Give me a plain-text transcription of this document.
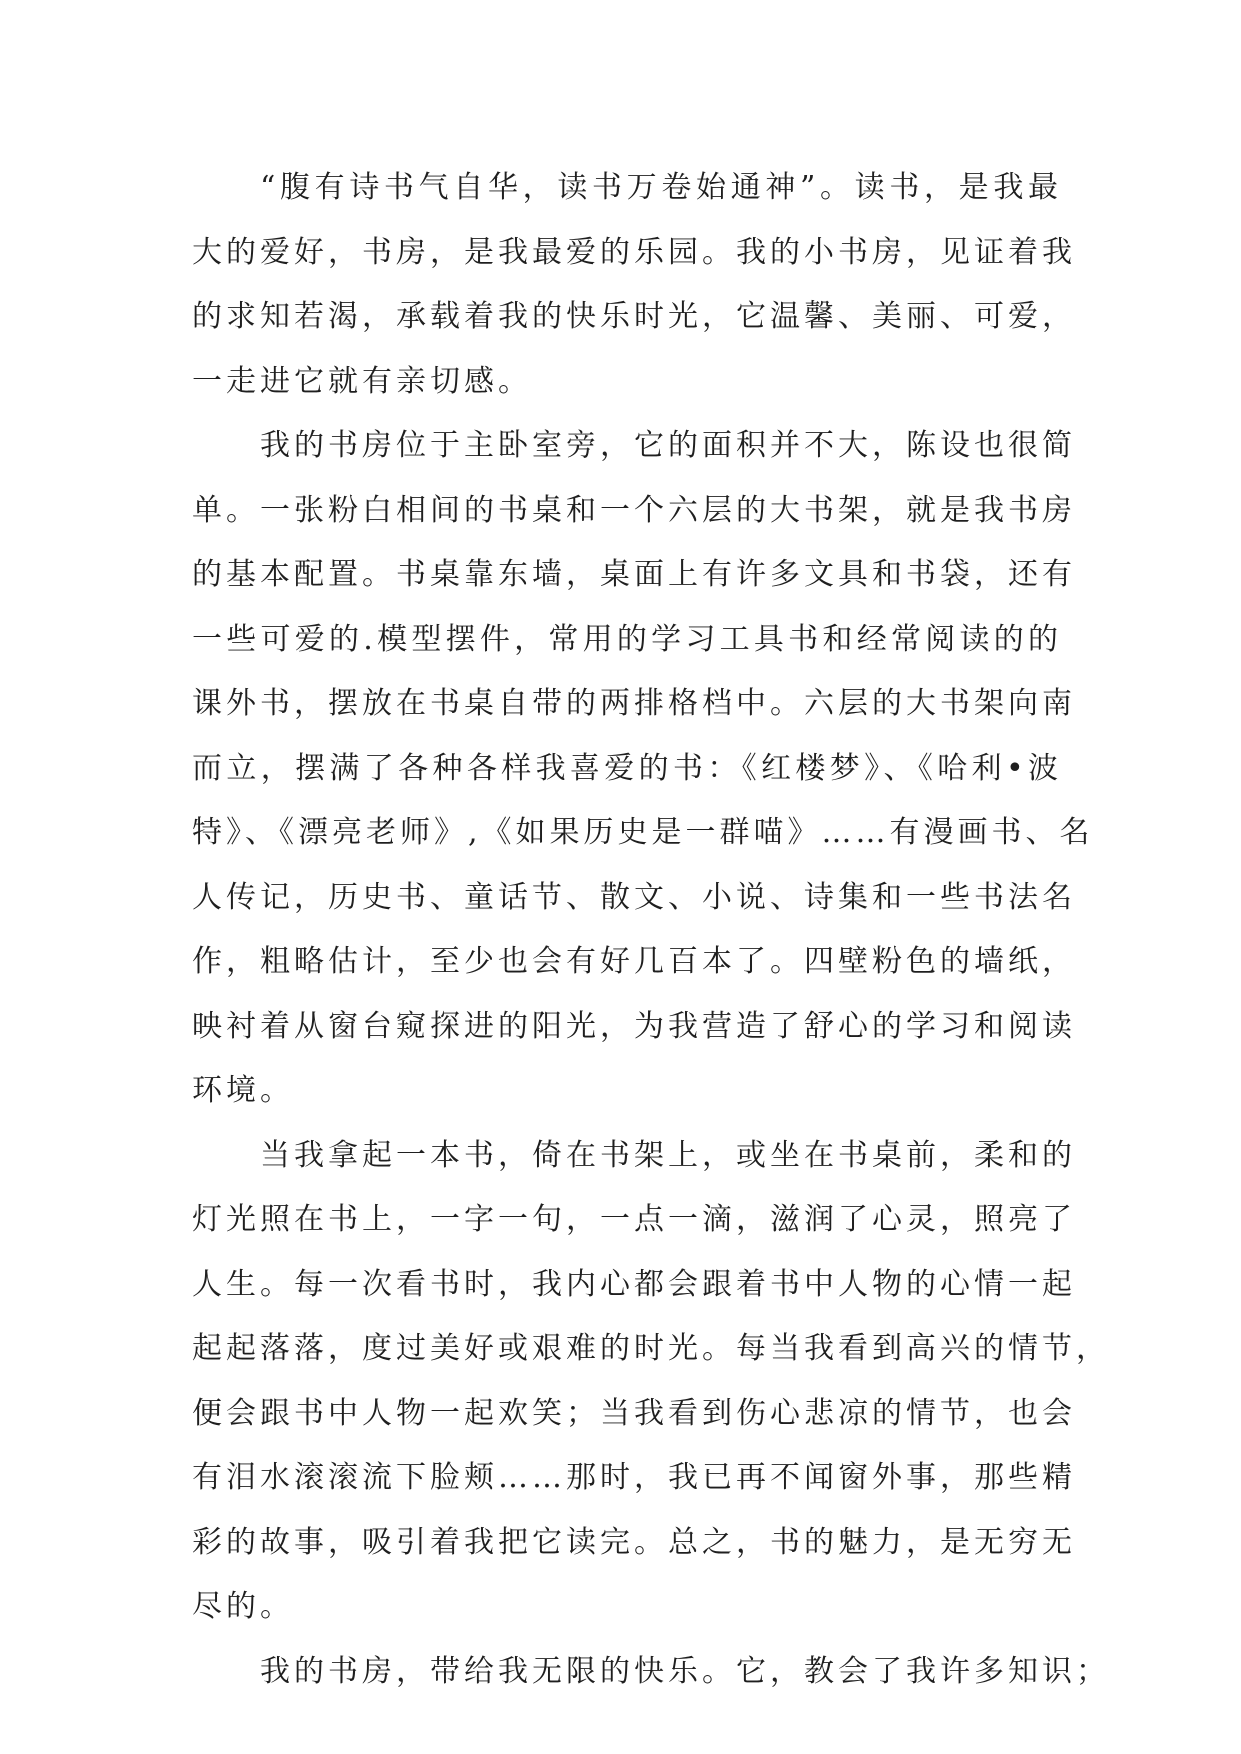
“腹有诗书气自华，读书万卷始通神”。读书，是我最
大的爱好，书房，是我最爱的乐园。我的小书房，见证着我
的求知若渴，承载着我的快乐时光，它温馨、美丽、可爱，
一走进它就有亲切感。
我的书房位于主卧室旁，它的面积并不大，陈设也很简
单。一张粉白相间的书桌和一个六层的大书架，就是我书房
的基本配置。书桌靠东墙，桌面上有许多文具和书袋，还有
一些可爱的.模型摆件，常用的学习工具书和经常阅读的的
课外书，摆放在书桌自带的两排格档中。六层的大书架向南
而立，摆满了各种各样我喜爱的书：《红楼梦》、《哈利•波
特》、《漂亮老师》,《如果历史是一群喵》……有漫画书、名
人传记，历史书、童话节、散文、小说、诗集和一些书法名
作，粗略估计，至少也会有好几百本了。四壁粉色的墙纸，
映衬着从窗台窥探进的阳光，为我营造了舒心的学习和阅读
环境。
当我拿起一本书，倚在书架上，或坐在书桌前，柔和的
灯光照在书上，一字一句，一点一滴，滋润了心灵，照亮了
人生。每一次看书时，我内心都会跟着书中人物的心情一起
起起落落，度过美好或艰难的时光。每当我看到高兴的情节，
便会跟书中人物一起欢笑；当我看到伤心悲凉的情节，也会
有泪水滚滚流下脸颊……那时，我已再不闻窗外事，那些精
彩的故事，吸引着我把它读完。总之，书的魅力，是无穷无
尽的。
我的书房，带给我无限的快乐。它，教会了我许多知识；
